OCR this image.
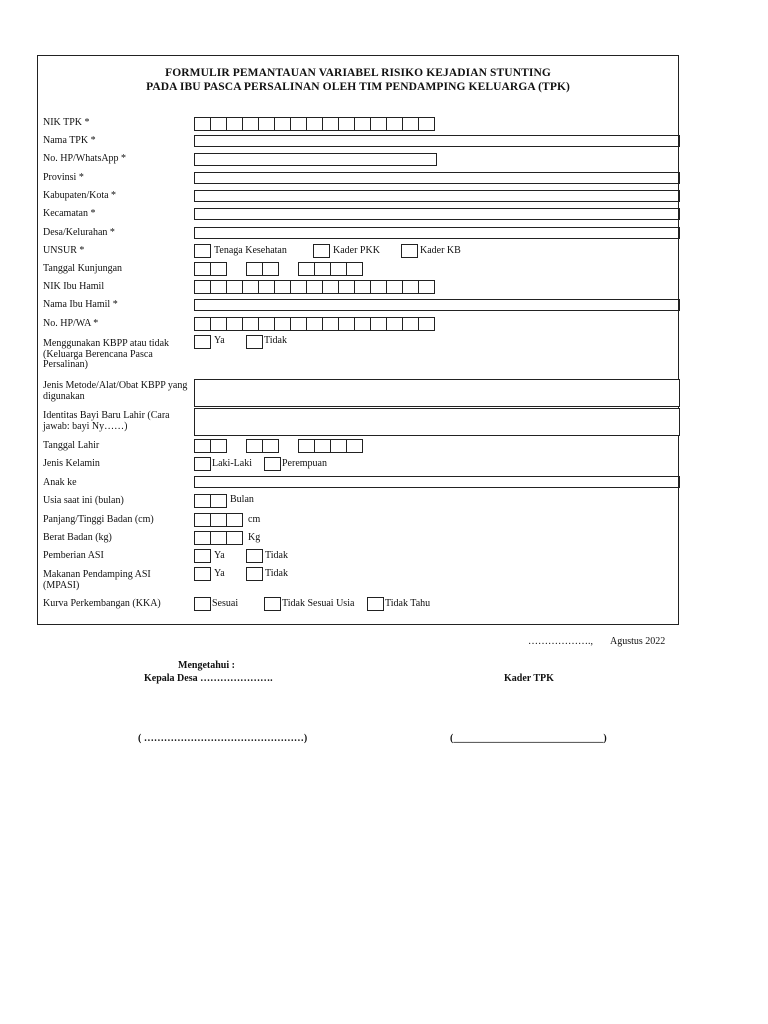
FORMULIR PEMANTAUAN VARIABEL RISIKO KEJADIAN STUNTING
PADA IBU PASCA PERSALINAN OLEH TIM PENDAMPING KELUARGA (TPK)
NIK TPK *
Nama TPK *
No. HP/WhatsApp *
Provinsi *
Kabupaten/Kota *
Kecamatan *
Desa/Kelurahan *
UNSUR *	Tenaga Kesehatan	Kader PKK	Kader KB
Tanggal Kunjungan
NIK Ibu Hamil
Nama Ibu Hamil *
No. HP/WA *
Menggunakan KBPP atau tidak (Keluarga Berencana Pasca Persalinan)
Ya	Tidak
Jenis Metode/Alat/Obat KBPP yang digunakan
Identitas Bayi Baru Lahir (Cara jawab: bayi Ny……)
Tanggal Lahir
Jenis Kelamin	Laki-Laki	Perempuan
Anak ke
Usia saat ini (bulan)	Bulan
Panjang/Tinggi Badan (cm)	cm
Berat Badan (kg)	Kg
Pemberian ASI	Ya	Tidak
Makanan Pendamping ASI (MPASI)
Ya	Tidak
Kurva Perkembangan (KKA)	Sesuai	Tidak Sesuai Usia	Tidak Tahu
………………., Agustus 2022
Mengetahui :
Kepala Desa ………………….	Kader TPK
( …………………………………………)	(______________________________)
